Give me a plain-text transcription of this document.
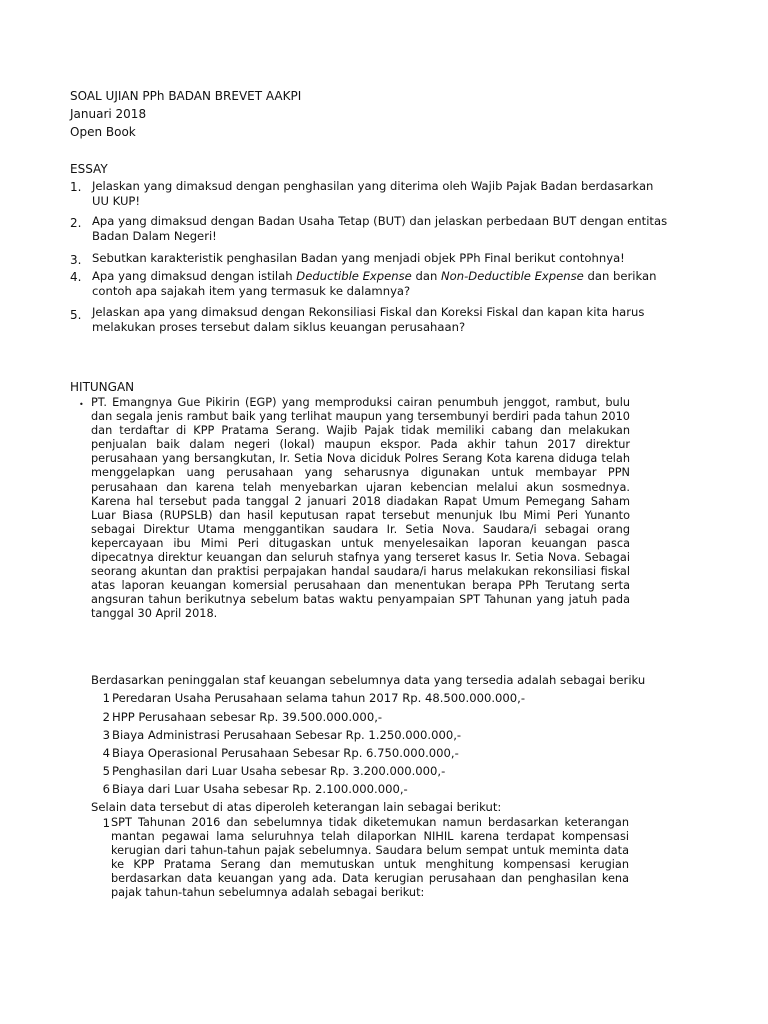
SOAL UJIAN PPh BADAN BREVET AAKPI
Januari 2018
Open Book
ESSAY
1. Jelaskan yang dimaksud dengan penghasilan yang diterima oleh Wajib Pajak Badan berdasarkan UU KUP!
2. Apa yang dimaksud dengan Badan Usaha Tetap (BUT) dan jelaskan perbedaan BUT dengan entitas Badan Dalam Negeri!
3. Sebutkan karakteristik penghasilan Badan yang menjadi objek PPh Final berikut contohnya!
4. Apa yang dimaksud dengan istilah Deductible Expense dan Non-Deductible Expense dan berikan contoh apa sajakah item yang termasuk ke dalamnya?
5. Jelaskan apa yang dimaksud dengan Rekonsiliasi Fiskal dan Koreksi Fiskal dan kapan kita harus melakukan proses tersebut dalam siklus keuangan perusahaan?
HITUNGAN
• PT. Emangnya Gue Pikirin (EGP) yang memproduksi cairan penumbuh jenggot, rambut, bulu dan segala jenis rambut baik yang terlihat maupun yang tersembunyi berdiri pada tahun 2010 dan terdaftar di KPP Pratama Serang. Wajib Pajak tidak memiliki cabang dan melakukan penjualan baik dalam negeri (lokal) maupun ekspor. Pada akhir tahun 2017 direktur perusahaan yang bersangkutan, Ir. Setia Nova diciduk Polres Serang Kota karena diduga telah menggelapkan uang perusahaan yang seharusnya digunakan untuk membayar PPN perusahaan dan karena telah menyebarkan ujaran kebencian melalui akun sosmednya. Karena hal tersebut pada tanggal 2 januari 2018 diadakan Rapat Umum Pemegang Saham Luar Biasa (RUPSLB) dan hasil keputusan rapat tersebut menunjuk Ibu Mimi Peri Yunanto sebagai Direktur Utama menggantikan saudara Ir. Setia Nova. Saudara/i sebagai orang kepercayaan ibu Mimi Peri ditugaskan untuk menyelesaikan laporan keuangan pasca dipecatnya direktur keuangan dan seluruh stafnya yang terseret kasus Ir. Setia Nova. Sebagai seorang akuntan dan praktisi perpajakan handal saudara/i harus melakukan rekonsiliasi fiskal atas laporan keuangan komersial perusahaan dan menentukan berapa PPh Terutang serta angsuran tahun berikutnya sebelum batas waktu penyampaian SPT Tahunan yang jatuh pada tanggal 30 April 2018.
Berdasarkan peninggalan staf keuangan sebelumnya data yang tersedia adalah sebagai beriku
1 Peredaran Usaha Perusahaan selama tahun 2017 Rp. 48.500.000.000,-
2 HPP Perusahaan sebesar Rp. 39.500.000.000,-
3 Biaya Administrasi Perusahaan Sebesar Rp. 1.250.000.000,-
4 Biaya Operasional Perusahaan Sebesar Rp. 6.750.000.000,-
5 Penghasilan dari Luar Usaha sebesar Rp. 3.200.000.000,-
6 Biaya dari Luar Usaha sebesar Rp. 2.100.000.000,-
Selain data tersebut di atas diperoleh keterangan lain sebagai berikut:
1 SPT Tahunan 2016 dan sebelumnya tidak diketemukan namun berdasarkan keterangan mantan pegawai lama seluruhnya telah dilaporkan NIHIL karena terdapat kompensasi kerugian dari tahun-tahun pajak sebelumnya. Saudara belum sempat untuk meminta data ke KPP Pratama Serang dan memutuskan untuk menghitung kompensasi kerugian berdasarkan data keuangan yang ada. Data kerugian perusahaan dan penghasilan kena pajak tahun-tahun sebelumnya adalah sebagai berikut:
